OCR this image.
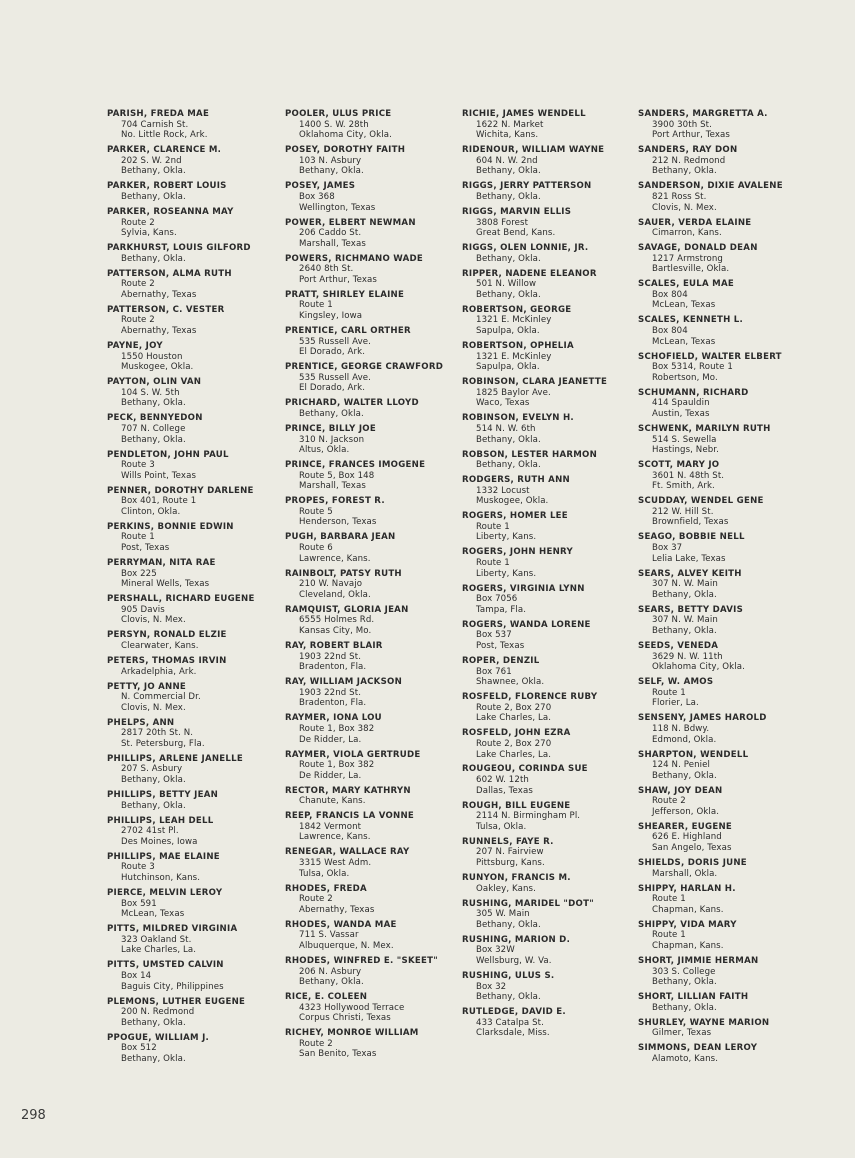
PARISH, FREDA MAE
704 Carnish St.
No. Little Rock, Ark.
PARKER, CLARENCE M.
202 S. W. 2nd
Bethany, Okla.
PARKER, ROBERT LOUIS
Bethany, Okla.
PARKER, ROSEANNA MAY
Route 2
Sylvia, Kans.
PARKHURST, LOUIS GILFORD
Bethany, Okla.
PATTERSON, ALMA RUTH
Route 2
Abernathy, Texas
PATTERSON, C. VESTER
Route 2
Abernathy, Texas
PAYNE, JOY
1550 Houston
Muskogee, Okla.
PAYTON, OLIN VAN
104 S. W. 5th
Bethany, Okla.
PECK, BENNYEDON
707 N. College
Bethany, Okla.
PENDLETON, JOHN PAUL
Route 3
Wills Point, Texas
PENNER, DOROTHY DARLENE
Box 401, Route 1
Clinton, Okla.
PERKINS, BONNIE EDWIN
Route 1
Post, Texas
PERRYMAN, NITA RAE
Box 225
Mineral Wells, Texas
PERSHALL, RICHARD EUGENE
905 Davis
Clovis, N. Mex.
PERSYN, RONALD ELZIE
Clearwater, Kans.
PETERS, THOMAS IRVIN
Arkadelphia, Ark.
PETTY, JO ANNE
N. Commercial Dr.
Clovis, N. Mex.
PHELPS, ANN
2817 20th St. N.
St. Petersburg, Fla.
PHILLIPS, ARLENE JANELLE
207 S. Asbury
Bethany, Okla.
PHILLIPS, BETTY JEAN
Bethany, Okla.
PHILLIPS, LEAH DELL
2702 41st Pl.
Des Moines, Iowa
PHILLIPS, MAE ELAINE
Route 3
Hutchinson, Kans.
PIERCE, MELVIN LEROY
Box 591
McLean, Texas
PITTS, MILDRED VIRGINIA
323 Oakland St.
Lake Charles, La.
PITTS, UMSTED CALVIN
Box 14
Baguis City, Philippines
PLEMONS, LUTHER EUGENE
200 N. Redmond
Bethany, Okla.
PPOGUE, WILLIAM J.
Box 512
Bethany, Okla.
POOLER, ULUS PRICE
1400 S. W. 28th
Oklahoma City, Okla.
POSEY, DOROTHY FAITH
103 N. Asbury
Bethany, Okla.
POSEY, JAMES
Box 368
Wellington, Texas
POWER, ELBERT NEWMAN
206 Caddo St.
Marshall, Texas
POWERS, RICHMANO WADE
2640 8th St.
Port Arthur, Texas
PRATT, SHIRLEY ELAINE
Route 1
Kingsley, Iowa
PRENTICE, CARL ORTHER
535 Russell Ave.
El Dorado, Ark.
PRENTICE, GEORGE CRAWFORD
535 Russell Ave.
El Dorado, Ark.
PRICHARD, WALTER LLOYD
Bethany, Okla.
PRINCE, BILLY JOE
310 N. Jackson
Altus, Okla.
PRINCE, FRANCES IMOGENE
Route 5, Box 148
Marshall, Texas
PROPES, FOREST R.
Route 5
Henderson, Texas
PUGH, BARBARA JEAN
Route 6
Lawrence, Kans.
RAINBOLT, PATSY RUTH
210 W. Navajo
Cleveland, Okla.
RAMQUIST, GLORIA JEAN
6555 Holmes Rd.
Kansas City, Mo.
RAY, ROBERT BLAIR
1903 22nd St.
Bradenton, Fla.
RAY, WILLIAM JACKSON
1903 22nd St.
Bradenton, Fla.
RAYMER, IONA LOU
Route 1, Box 382
De Ridder, La.
RAYMER, VIOLA GERTRUDE
Route 1, Box 382
De Ridder, La.
RECTOR, MARY KATHRYN
Chanute, Kans.
REEP, FRANCIS LA VONNE
1842 Vermont
Lawrence, Kans.
RENEGAR, WALLACE RAY
3315 West Adm.
Tulsa, Okla.
RHODES, FREDA
Route 2
Abernathy, Texas
RHODES, WANDA MAE
711 S. Vassar
Albuquerque, N. Mex.
RHODES, WINFRED E. "SKEET"
206 N. Asbury
Bethany, Okla.
RICE, E. COLEEN
4323 Hollywood Terrace
Corpus Christi, Texas
RICHEY, MONROE WILLIAM
Route 2
San Benito, Texas
RICHIE, JAMES WENDELL
1622 N. Market
Wichita, Kans.
RIDENOUR, WILLIAM WAYNE
604 N. W. 2nd
Bethany, Okla.
RIGGS, JERRY PATTERSON
Bethany, Okla.
RIGGS, MARVIN ELLIS
3808 Forest
Great Bend, Kans.
RIGGS, OLEN LONNIE, JR.
Bethany, Okla.
RIPPER, NADENE ELEANOR
501 N. Willow
Bethany, Okla.
ROBERTSON, GEORGE
1321 E. McKinley
Sapulpa, Okla.
ROBERTSON, OPHELIA
1321 E. McKinley
Sapulpa, Okla.
ROBINSON, CLARA JEANETTE
1825 Baylor Ave.
Waco, Texas
ROBINSON, EVELYN H.
514 N. W. 6th
Bethany, Okla.
ROBSON, LESTER HARMON
Bethany, Okla.
RODGERS, RUTH ANN
1332 Locust
Muskogee, Okla.
ROGERS, HOMER LEE
Route 1
Liberty, Kans.
ROGERS, JOHN HENRY
Route 1
Liberty, Kans.
ROGERS, VIRGINIA LYNN
Box 7056
Tampa, Fla.
ROGERS, WANDA LORENE
Box 537
Post, Texas
ROPER, DENZIL
Box 761
Shawnee, Okla.
ROSFELD, FLORENCE RUBY
Route 2, Box 270
Lake Charles, La.
ROSFELD, JOHN EZRA
Route 2, Box 270
Lake Charles, La.
ROUGEOU, CORINDA SUE
602 W. 12th
Dallas, Texas
ROUGH, BILL EUGENE
2114 N. Birmingham Pl.
Tulsa, Okla.
RUNNELS, FAYE R.
207 N. Fairview
Pittsburg, Kans.
RUNYON, FRANCIS M.
Oakley, Kans.
RUSHING, MARIDEL "DOT"
305 W. Main
Bethany, Okla.
RUSHING, MARION D.
Box 32W
Wellsburg, W. Va.
RUSHING, ULUS S.
Box 32
Bethany, Okla.
RUTLEDGE, DAVID E.
433 Catalpa St.
Clarksdale, Miss.
SANDERS, MARGRETTA A.
3900 30th St.
Port Arthur, Texas
SANDERS, RAY DON
212 N. Redmond
Bethany, Okla.
SANDERSON, DIXIE AVALENE
821 Ross St.
Clovis, N. Mex.
SAUER, VERDA ELAINE
Cimarron, Kans.
SAVAGE, DONALD DEAN
1217 Armstrong
Bartlesville, Okla.
SCALES, EULA MAE
Box 804
McLean, Texas
SCALES, KENNETH L.
Box 804
McLean, Texas
SCHOFIELD, WALTER ELBERT
Box 5314, Route 1
Robertson, Mo.
SCHUMANN, RICHARD
414 Spauldin
Austin, Texas
SCHWENK, MARILYN RUTH
514 S. Sewella
Hastings, Nebr.
SCOTT, MARY JO
3601 N. 48th St.
Ft. Smith, Ark.
SCUDDAY, WENDEL GENE
212 W. Hill St.
Brownfield, Texas
SEAGO, BOBBIE NELL
Box 37
Lelia Lake, Texas
SEARS, ALVEY KEITH
307 N. W. Main
Bethany, Okla.
SEARS, BETTY DAVIS
307 N. W. Main
Bethany, Okla.
SEEDS, VENEDA
3629 N. W. 11th
Oklahoma City, Okla.
SELF, W. AMOS
Route 1
Florier, La.
SENSENY, JAMES HAROLD
118 N. Bdwy.
Edmond, Okla.
SHARPTON, WENDELL
124 N. Peniel
Bethany, Okla.
SHAW, JOY DEAN
Route 2
Jefferson, Okla.
SHEARER, EUGENE
626 E. Highland
San Angelo, Texas
SHIELDS, DORIS JUNE
Marshall, Okla.
SHIPPY, HARLAN H.
Route 1
Chapman, Kans.
SHIPPY, VIDA MARY
Route 1
Chapman, Kans.
SHORT, JIMMIE HERMAN
303 S. College
Bethany, Okla.
SHORT, LILLIAN FAITH
Bethany, Okla.
SHURLEY, WAYNE MARION
Gilmer, Texas
SIMMONS, DEAN LEROY
Alamoto, Kans.
298
